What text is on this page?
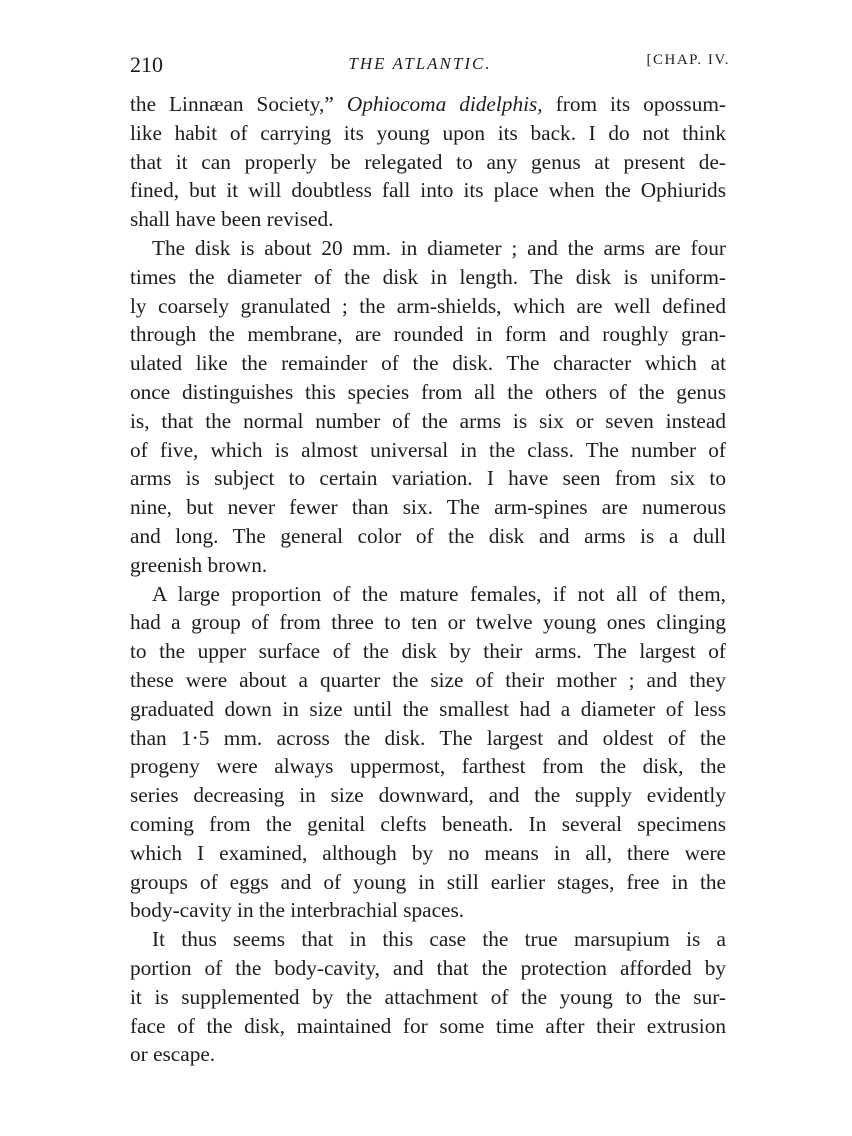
210	THE ATLANTIC.	[CHAP. IV.

the Linnæan Society,” Ophiocoma didelphis, from its opossum-
like habit of carrying its young upon its back. I do not think
that it can properly be relegated to any genus at present de-
fined, but it will doubtless fall into its place when the Ophiurids
shall have been revised.

The disk is about 20 mm. in diameter ; and the arms are four
times the diameter of the disk in length. The disk is uniform-
ly coarsely granulated ; the arm-shields, which are well defined
through the membrane, are rounded in form and roughly gran-
ulated like the remainder of the disk. The character which at
once distinguishes this species from all the others of the genus
is, that the normal number of the arms is six or seven instead
of five, which is almost universal in the class. The number of
arms is subject to certain variation. I have seen from six to
nine, but never fewer than six. The arm-spines are numerous
and long. The general color of the disk and arms is a dull
greenish brown.

A large proportion of the mature females, if not all of them,
had a group of from three to ten or twelve young ones clinging
to the upper surface of the disk by their arms. The largest of
these were about a quarter the size of their mother ; and they
graduated down in size until the smallest had a diameter of less
than 1·5 mm. across the disk. The largest and oldest of the
progeny were always uppermost, farthest from the disk, the
series decreasing in size downward, and the supply evidently
coming from the genital clefts beneath. In several specimens
which I examined, although by no means in all, there were
groups of eggs and of young in still earlier stages, free in the
body-cavity in the interbrachial spaces.

It thus seems that in this case the true marsupium is a
portion of the body-cavity, and that the protection afforded by
it is supplemented by the attachment of the young to the sur-
face of the disk, maintained for some time after their extrusion
or escape.
